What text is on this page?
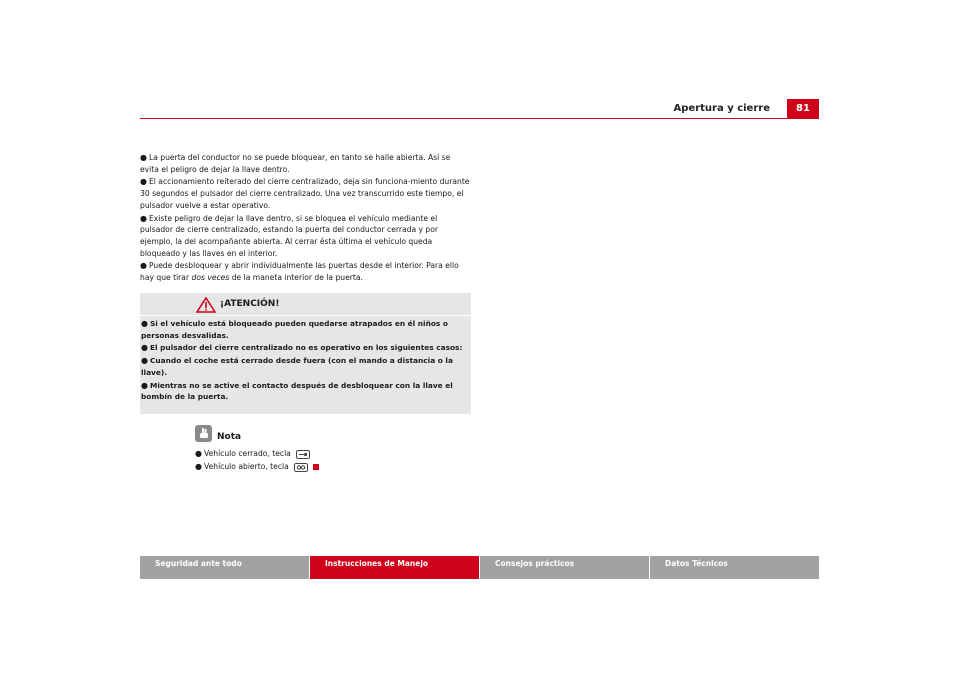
Apertura y cierre	81

● La puerta del conductor no se puede bloquear, en tanto se halle abierta. Así se evita el peligro de dejar la llave dentro.

● El accionamiento reiterado del cierre centralizado, deja sin funciona-miento durante 30 segundos el pulsador del cierre centralizado. Una vez transcurrido este tiempo, el pulsador vuelve a estar operativo.

● Existe peligro de dejar la llave dentro, si se bloquea el vehículo mediante el pulsador de cierre centralizado, estando la puerta del conductor cerrada y por ejemplo, la del acompañante abierta. Al cerrar ésta última el vehículo queda bloqueado y las llaves en el interior.

● Puede desbloquear y abrir individualmente las puertas desde el interior. Para ello hay que tirar dos veces de la maneta interior de la puerta.

¡ATENCIÓN!

● Si el vehículo está bloqueado pueden quedarse atrapados en él niños o personas desvalidas.

● El pulsador del cierre centralizado no es operativo en los siguientes casos:

● Cuando el coche está cerrado desde fuera (con el mando a distancia o la llave).

● Mientras no se active el contacto después de desbloquear con la llave el bombín de la puerta.

Nota
● Vehículo cerrado, tecla
● Vehículo abierto, tecla
Seguridad ante todo	Instrucciones de Manejo	Consejos prácticos	Datos Técnicos
